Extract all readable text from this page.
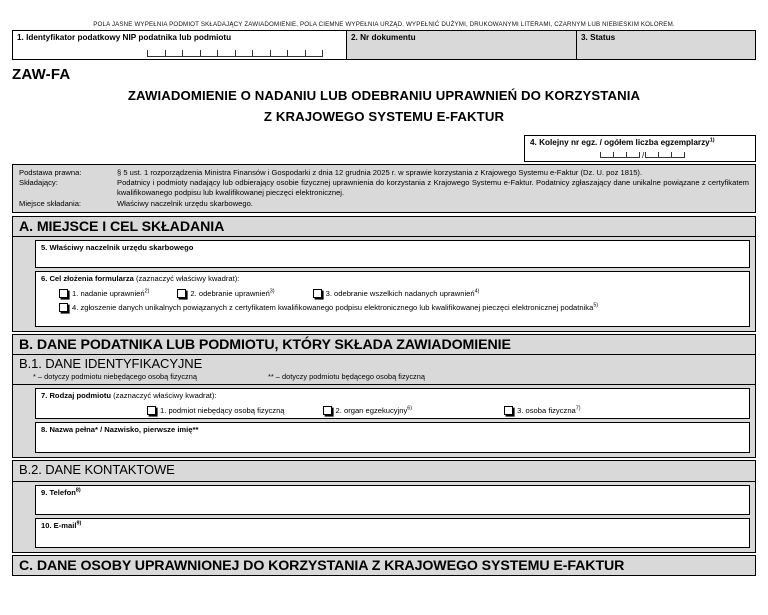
POLA JASNE WYPEŁNIA PODMIOT SKŁADAJĄCY ZAWIADOMIENIE, POLA CIEMNE WYPEŁNIA URZĄD. WYPEŁNIĆ DUŻYMI, DRUKOWANYMI LITERAMI, CZARNYM LUB NIEBIESKIM KOLOREM.
1. Identyfikator podatkowy NIP podatnika lub podmiotu	2. Nr dokumentu	3. Status
ZAW-FA
ZAWIADOMIENIE O NADANIU LUB ODEBRANIU UPRAWNIEŃ DO KORZYSTANIA
Z KRAJOWEGO SYSTEMU E-FAKTUR
4. Kolejny nr egz. / ogółem liczba egzemplarzy$^{1)}$
/
Podstawa prawna:	§ 5 ust. 1 rozporządzenia Ministra Finansów i Gospodarki z dnia 12 grudnia 2025 r. w sprawie korzystania z Krajowego Systemu e-Faktur (Dz. U. poz 1815).
Składający:	Podatnicy i podmioty nadający lub odbierający osobie fizycznej uprawnienia do korzystania z Krajowego Systemu e-Faktur. Podatnicy zgłaszający dane unikalne powiązane z certyfikatem kwalifikowanego podpisu lub kwalifikowanej pieczęci elektronicznej.
Miejsce składania:	Właściwy naczelnik urzędu skarbowego.
A. MIEJSCE I CEL SKŁADANIA
5. Właściwy naczelnik urzędu skarbowego
6. Cel złożenia formularza (zaznaczyć właściwy kwadrat):
1. nadanie uprawnień$^{2)}$	2. odebranie uprawnień$^{3)}$	3. odebranie wszelkich nadanych uprawnień$^{4)}$
4. zgłoszenie danych unikalnych powiązanych z certyfikatem kwalifikowanego podpisu elektronicznego lub kwalifikowanej pieczęci elektronicznej podatnika$^{5)}$
B. DANE PODATNIKA LUB PODMIOTU, KTÓRY SKŁADA ZAWIADOMIENIE
B.1. DANE IDENTYFIKACYJNE
* – dotyczy podmiotu niebędącego osobą fizyczną	** – dotyczy podmiotu będącego osobą fizyczną
7. Rodzaj podmiotu (zaznaczyć właściwy kwadrat):
1. podmiot niebędący osobą fizyczną	2. organ egzekucyjny$^{6)}$	3. osoba fizyczna$^{7)}$
8. Nazwa pełna* / Nazwisko, pierwsze imię**
B.2. DANE KONTAKTOWE
9. Telefon$^{8)}$
10. E-mail$^{9)}$
C. DANE OSOBY UPRAWNIONEJ DO KORZYSTANIA Z KRAJOWEGO SYSTEMU E-FAKTUR
